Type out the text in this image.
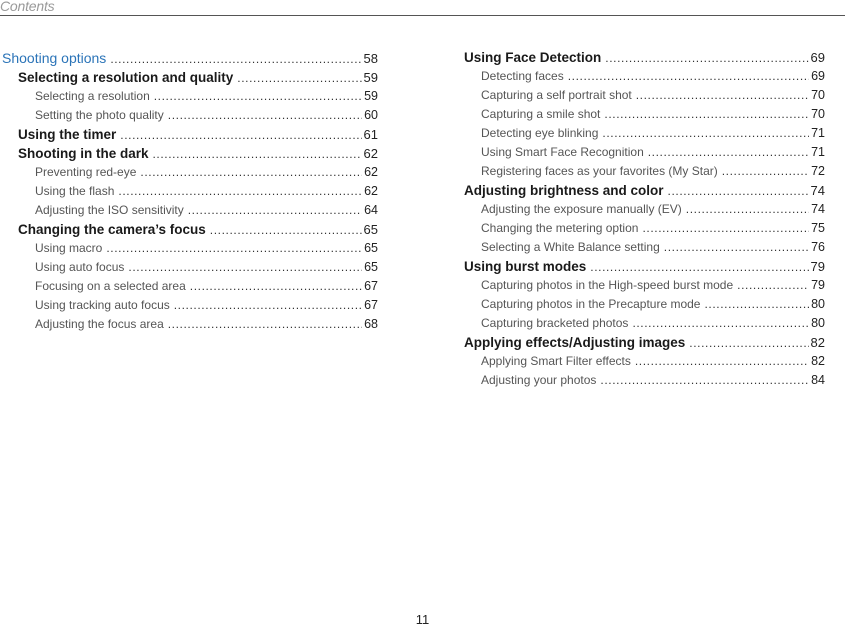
Contents
Shooting options .....	58
Selecting a resolution and quality .....	59
Selecting a resolution .....	59
Setting the photo quality .....	60
Using the timer .....	61
Shooting in the dark .....	62
Preventing red-eye .....	62
Using the flash .....	62
Adjusting the ISO sensitivity .....	64
Changing the camera’s focus .....	65
Using macro .....	65
Using auto focus .....	65
Focusing on a selected area .....	67
Using tracking auto focus .....	67
Adjusting the focus area .....	68
Using Face Detection .....	69
Detecting faces .....	69
Capturing a self portrait shot .....	70
Capturing a smile shot .....	70
Detecting eye blinking .....	71
Using Smart Face Recognition .....	71
Registering faces as your favorites (My Star) .....	72
Adjusting brightness and color .....	74
Adjusting the exposure manually (EV) .....	74
Changing the metering option .....	75
Selecting a White Balance setting .....	76
Using burst modes .....	79
Capturing photos in the High-speed burst mode .....	79
Capturing photos in the Precapture mode .....	80
Capturing bracketed photos .....	80
Applying effects/Adjusting images .....	82
Applying Smart Filter effects .....	82
Adjusting your photos .....	84
11
